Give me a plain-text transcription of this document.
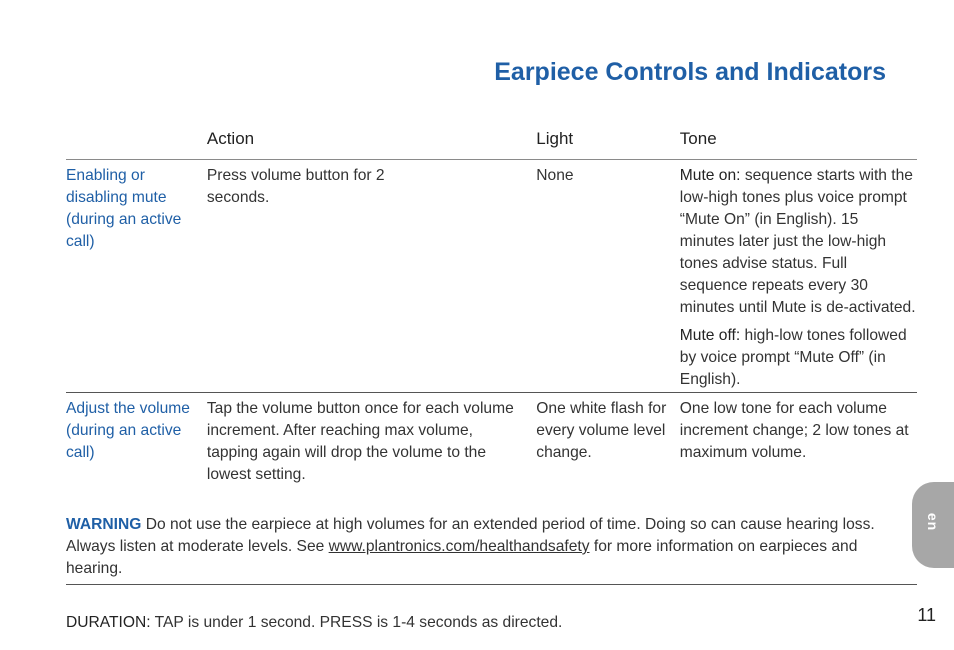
Earpiece Controls and Indicators
	Action	Light	Tone
Enabling or disabling mute (during an active call)	Press volume button for 2 seconds.	None	Mute on: sequence starts with the low-high tones plus voice prompt “Mute On” (in English). 15 minutes later just the low-high tones advise status. Full sequence repeats every 30 minutes until Mute is de-activated.

Mute off: high-low tones followed by voice prompt “Mute Off” (in English).

Adjust the volume (during an active call)	Tap the volume button once for each volume increment. After reaching max volume, tapping again will drop the volume to the lowest setting.	One white flash for every volume level change.	One low tone for each volume increment change; 2 low tones at maximum volume.
WARNING Do not use the earpiece at high volumes for an extended period of time. Doing so can cause hearing loss. Always listen at moderate levels. See www.plantronics.com/healthandsafety for more information on earpieces and hearing.
DURATION: TAP is under 1 second. PRESS is 1-4 seconds as directed.	11
en
